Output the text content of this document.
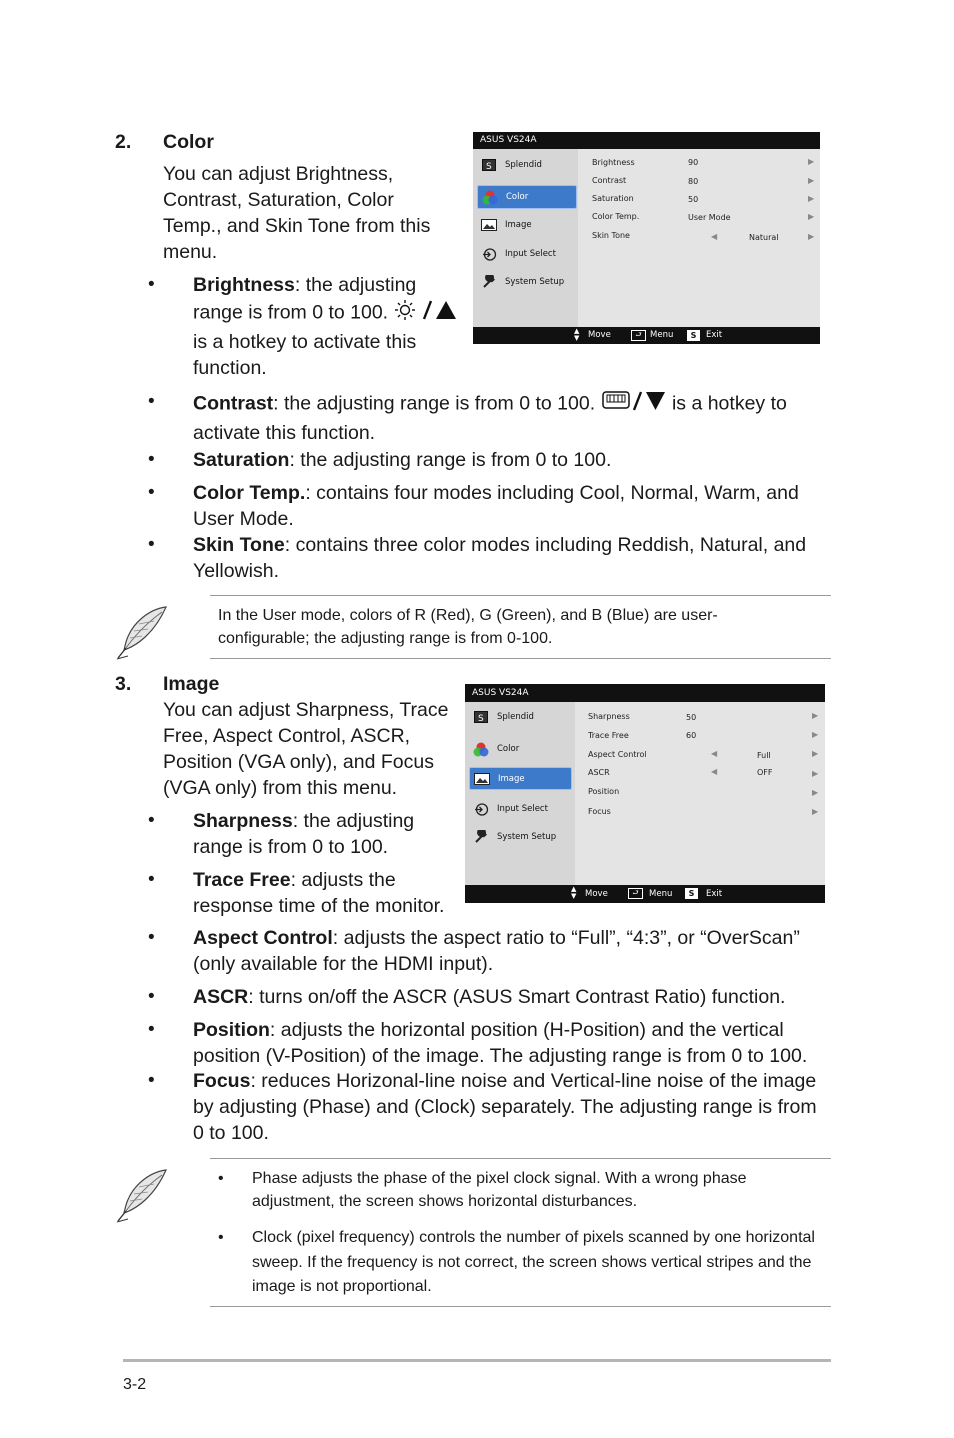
2. Color
You can adjust Brightness, Contrast, Saturation, Color Temp., and Skin Tone from this menu.
• Brightness: the adjusting range is from 0 to 100.  is a hotkey to activate this function.
• Contrast: the adjusting range is from 0 to 100.	is a hotkey to activate this function.
• Saturation: the adjusting range is from 0 to 100.
• Color Temp.: contains four modes including Cool, Normal, Warm, and User Mode.
• Skin Tone: contains three color modes including Reddish, Natural, and Yellowish.
In the User mode, colors of R (Red), G (Green), and B (Blue) are user-configurable; the adjusting range is from 0-100.
ASUS VS24A
S Splendid
Color
Image
Input Select
System Setup
Brightness	90	▶
Contrast	80	▶
Saturation	50	▶
Color Temp.	User Mode	▶
Skin Tone	◀	Natural	▶
▲
▼ Move	⮐ Menu	S	Exit
3. Image
You can adjust Sharpness, Trace Free, Aspect Control, ASCR, Position (VGA only), and Focus (VGA only) from this menu.
• Sharpness: the adjusting range is from 0 to 100.
• Trace Free: adjusts the response time of the monitor.
• Aspect Control: adjusts the aspect ratio to “Full”, “4:3”, or “OverScan” (only available for the HDMI input).
• ASCR: turns on/off the ASCR (ASUS Smart Contrast Ratio) function.
• Position: adjusts the horizontal position (H-Position) and the vertical position (V-Position) of the image. The adjusting range is from 0 to 100.
• Focus: reduces Horizonal-line noise and Vertical-line noise of the image by adjusting (Phase) and (Clock) separately. The adjusting range is from 0 to 100.
• Phase adjusts the phase of the pixel clock signal. With a wrong phase adjustment, the screen shows horizontal disturbances.
• Clock (pixel frequency) controls the number of pixels scanned by one horizontal sweep. If the frequency is not correct, the screen shows vertical stripes and the image is not proportional.
ASUS VS24A
S Splendid
Color
Image
Input Select
System Setup
Sharpness	50	▶
Trace Free	60	▶
Aspect Control	◀	Full	▶
ASCR	◀	OFF	▶
Position	▶
Focus	▶
▲
▼ Move	⮐	Menu	S	Exit
3-2
